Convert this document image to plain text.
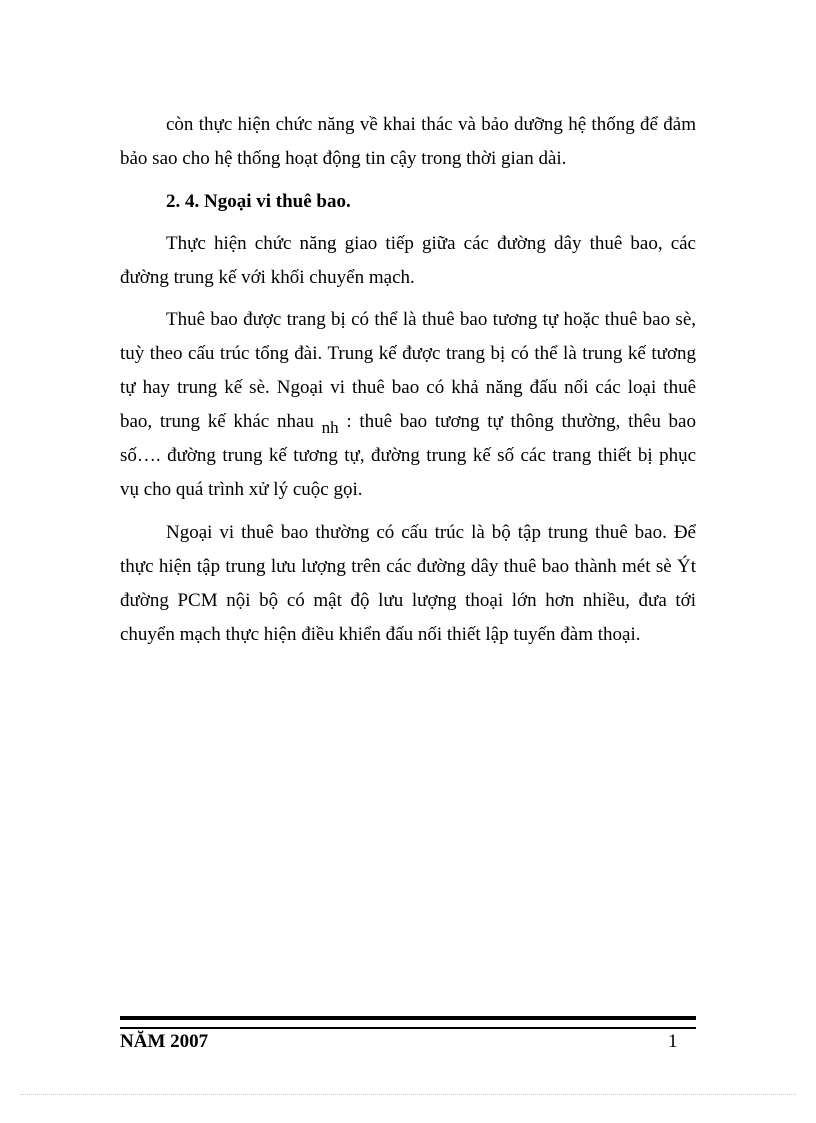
còn thực hiện chức năng về khai thác và bảo dưỡng hệ thống để đảm bảo sao cho hệ thống hoạt động tin cậy trong thời gian dài.

2. 4. Ngoại vi thuê bao.

Thực hiện chức năng giao tiếp giữa các đường dây thuê bao, các đường trung kế với khối chuyển mạch.

Thuê bao được trang bị có thể là thuê bao tương tự hoặc thuê bao sè, tuỳ theo cấu trúc tổng đài. Trung kế được trang bị có thể là trung kế tương tự hay trung kế sè. Ngoại vi thuê bao có khả năng đấu nối các loại thuê bao, trung kế khác nhau nh : thuê bao tương tự thông thường, thêu bao số…. đường trung kế tương tự, đường trung kế số các trang thiết bị phục vụ cho quá trình xử lý cuộc gọi.

Ngoại vi thuê bao thường có cấu trúc là bộ tập trung thuê bao. Để thực hiện tập trung lưu lượng trên các đường dây thuê bao thành mét sè Ýt đường PCM nội bộ có mật độ lưu lượng thoại lớn hơn nhiều, đưa tới chuyển mạch thực hiện điều khiển đấu nối thiết lập tuyến đàm thoại.

NĂM 2007	1
